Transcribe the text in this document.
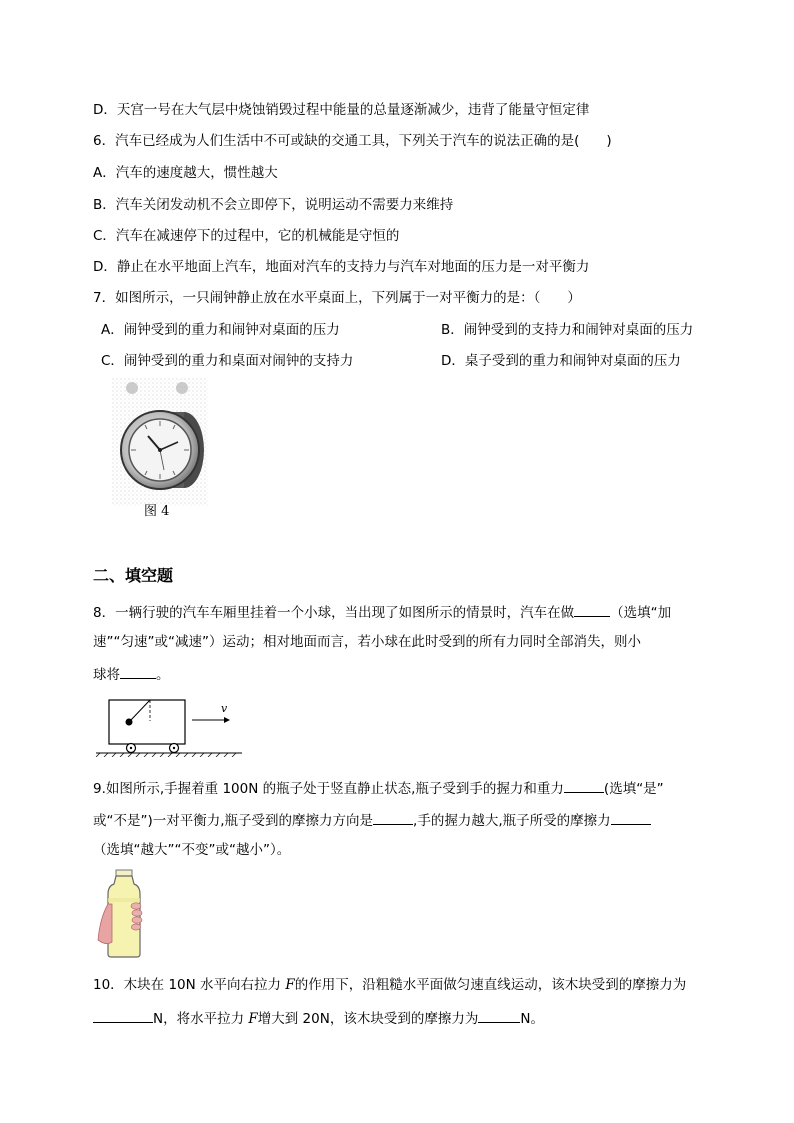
D．天宫一号在大气层中烧蚀销毁过程中能量的总量逐渐减少，违背了能量守恒定律
6．汽车已经成为人们生活中不可或缺的交通工具，下列关于汽车的说法正确的是(　　)
A．汽车的速度越大，惯性越大
B．汽车关闭发动机不会立即停下，说明运动不需要力来维持
C．汽车在减速停下的过程中，它的机械能是守恒的
D．静止在水平地面上汽车，地面对汽车的支持力与汽车对地面的压力是一对平衡力
7．如图所示，一只闹钟静止放在水平桌面上，下列属于一对平衡力的是：（　　）
A．闹钟受到的重力和闹钟对桌面的压力	B．闹钟受到的支持力和闹钟对桌面的压力
C．闹钟受到的重力和桌面对闹钟的支持力	D．桌子受到的重力和闹钟对桌面的压力
图 4
二、填空题
8．一辆行驶的汽车车厢里挂着一个小球，当出现了如图所示的情景时，汽车在做	（选填“加
速”“匀速”或“减速”）运动；相对地面而言，若小球在此时受到的所有力同时全部消失，则小
球将	。
v
9.如图所示,手握着重 100N 的瓶子处于竖直静止状态,瓶子受到手的握力和重力	(选填“是”
或“不是”)一对平衡力,瓶子受到的摩擦力方向是	,手的握力越大,瓶子所受的摩擦力
（选填“越大”“不变”或“越小”）。
10．木块在 10N 水平向右拉力 F的作用下，沿粗糙水平面做匀速直线运动，该木块受到的摩擦力为
N，将水平拉力 F增大到 20N，该木块受到的摩擦力为	N。
